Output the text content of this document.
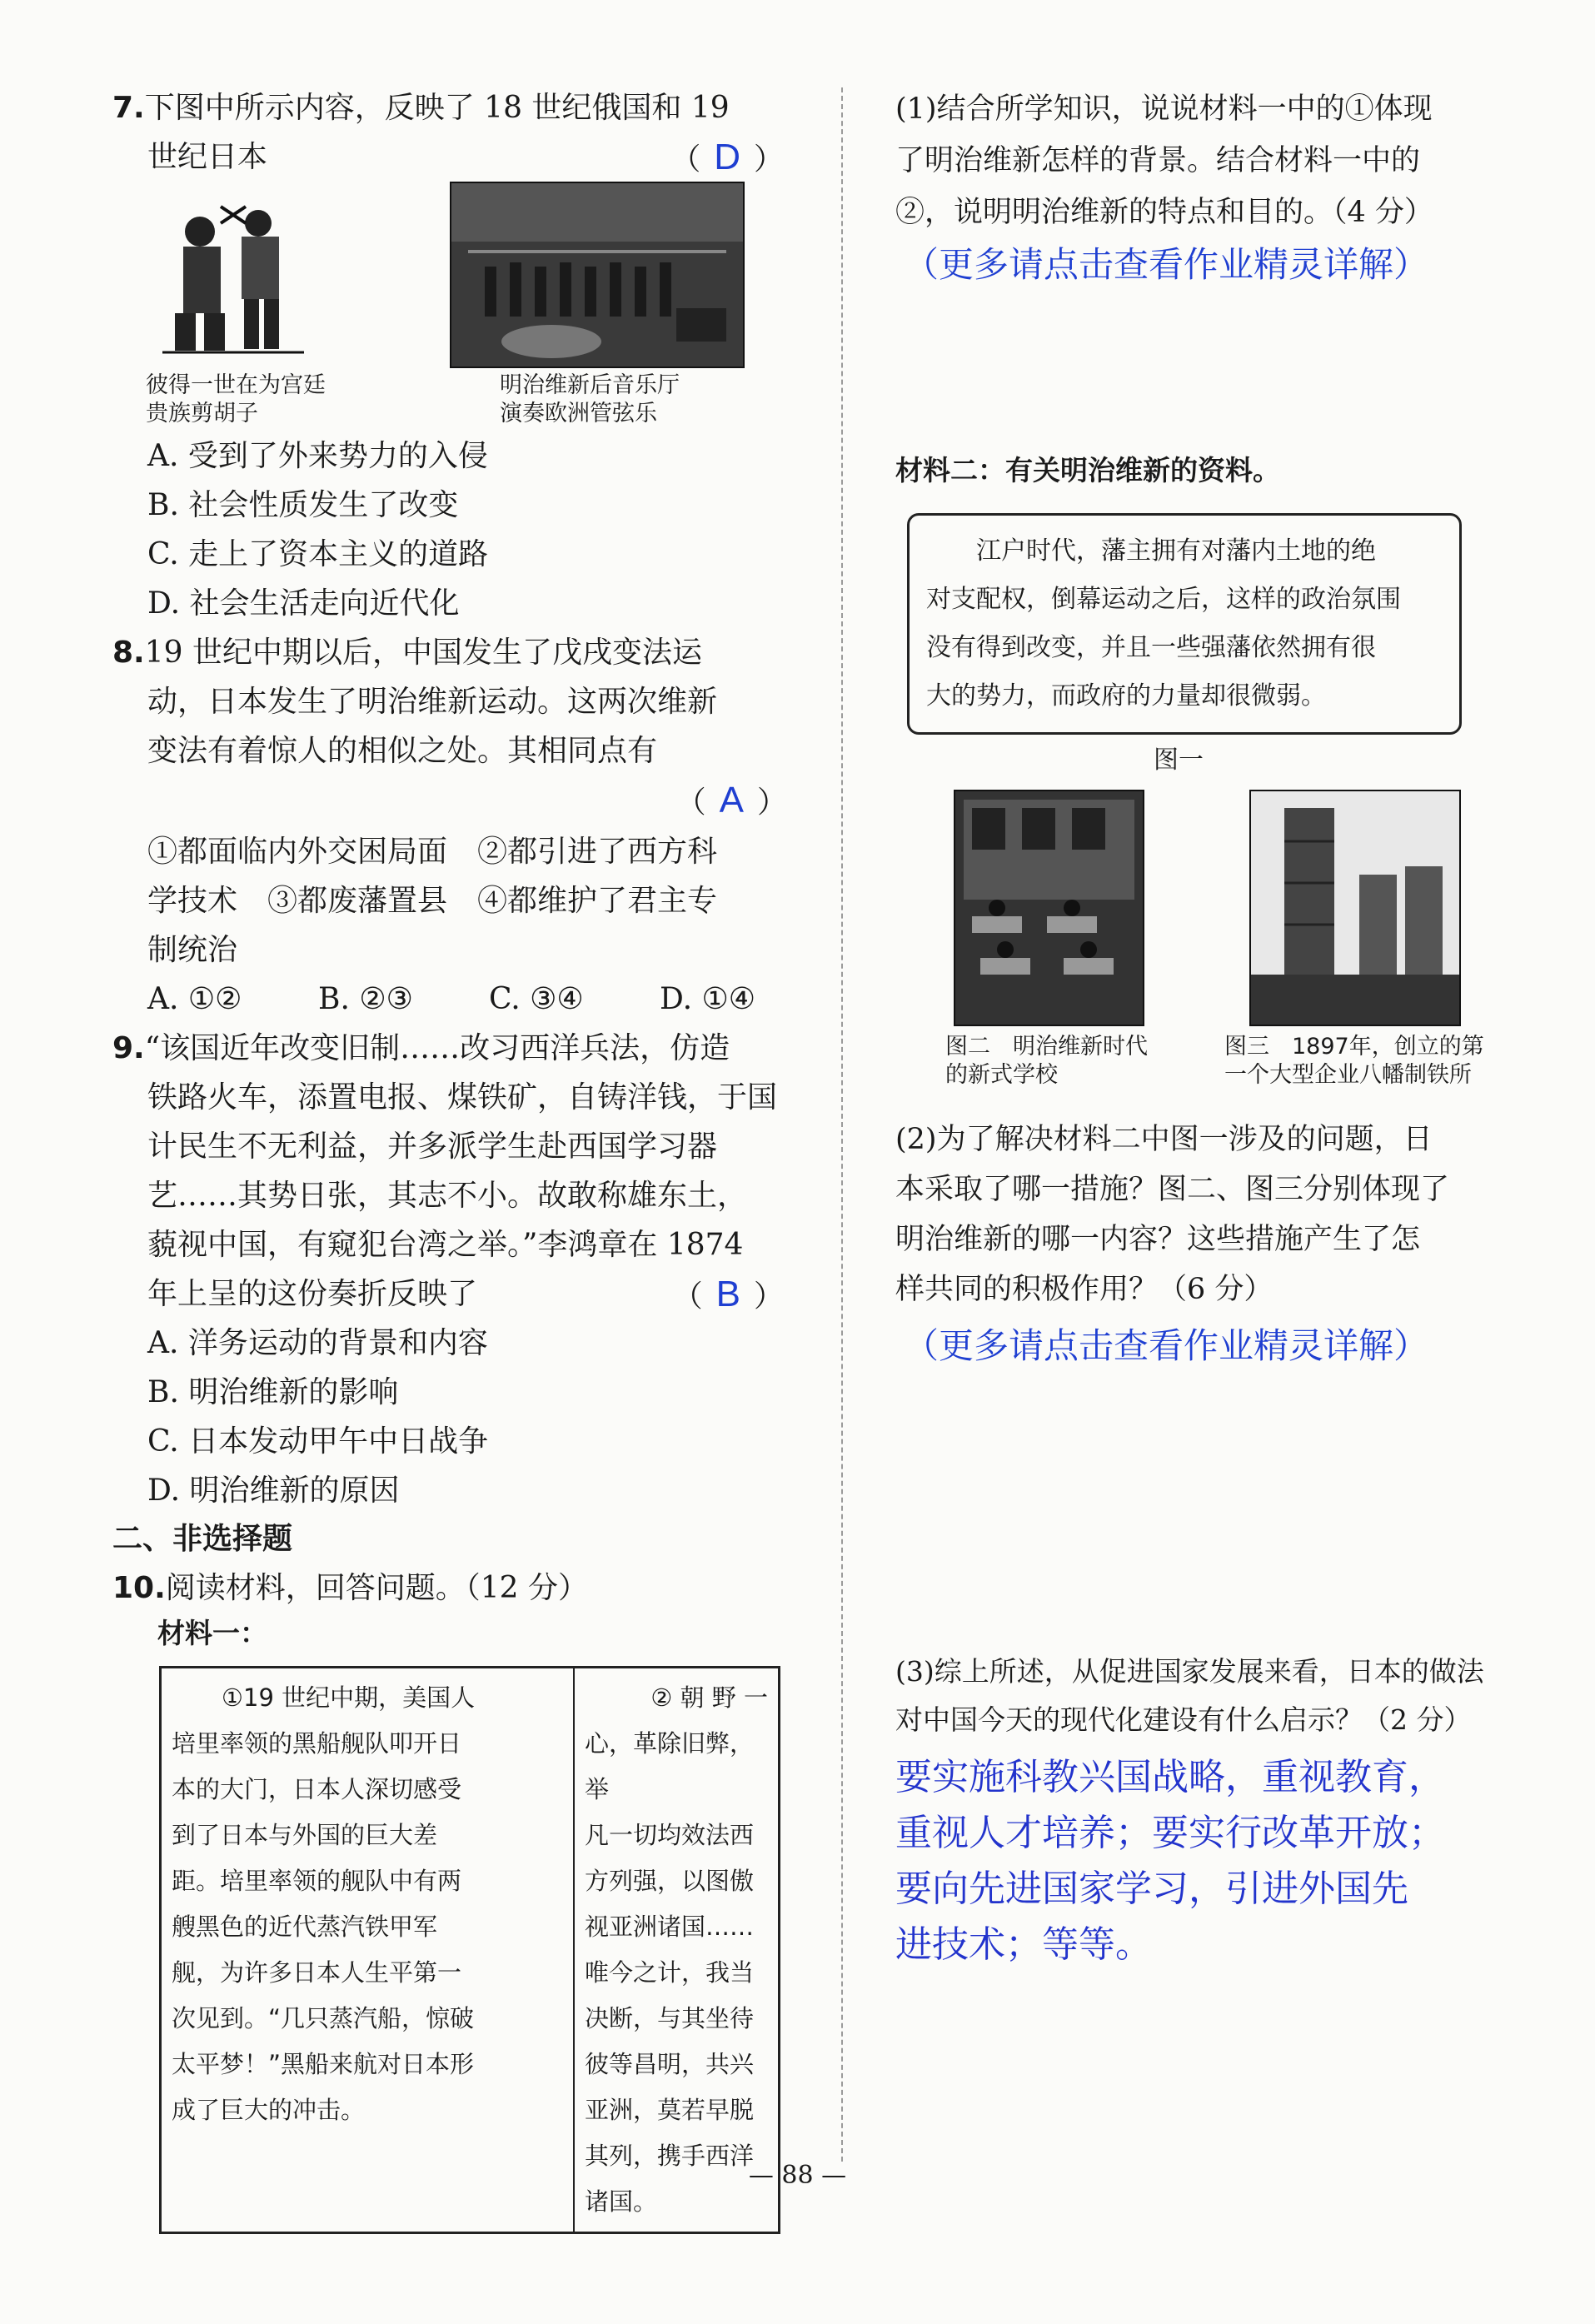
7.下图中所示内容，反映了 18 世纪俄国和 19
世纪日本	（ D ）
彼得一世在为宫廷
贵族剪胡子
明治维新后音乐厅
演奏欧洲管弦乐
A. 受到了外来势力的入侵
B. 社会性质发生了改变
C. 走上了资本主义的道路
D. 社会生活走向近代化
8.19 世纪中期以后，中国发生了戊戌变法运
动，日本发生了明治维新运动。这两次维新
变法有着惊人的相似之处。其相同点有
（ A ）
①都面临内外交困局面　②都引进了西方科
学技术　③都废藩置县　④都维护了君主专
制统治
A. ①②	B. ②③	C. ③④	D. ①④
9.“该国近年改变旧制……改习西洋兵法，仿造
铁路火车，添置电报、煤铁矿，自铸洋钱，于国
计民生不无利益，并多派学生赴西国学习器
艺……其势日张，其志不小。故敢称雄东土，
藐视中国，有窥犯台湾之举。”李鸿章在 1874
年上呈的这份奏折反映了	（ B ）
A. 洋务运动的背景和内容
B. 明治维新的影响
C. 日本发动甲午中日战争
D. 明治维新的原因
二、非选择题
10.阅读材料，回答问题。（12 分）
材料一：
①19 世纪中期，美国人
培里率领的黑船舰队叩开日
本的大门，日本人深切感受
到了日本与外国的巨大差
距。培里率领的舰队中有两
艘黑色的近代蒸汽铁甲军
舰，为许多日本人生平第一
次见到。“几只蒸汽船，惊破
太平梦！”黑船来航对日本形
成了巨大的冲击。

② 朝 野 一
心，革除旧弊，举
凡一切均效法西
方列强，以图傲
视亚洲诸国……
唯今之计，我当
决断，与其坐待
彼等昌明，共兴
亚洲，莫若早脱
其列，携手西洋
诸国。
(1)结合所学知识，说说材料一中的①体现
了明治维新怎样的背景。结合材料一中的
②，说明明治维新的特点和目的。（4 分）
（更多请点击查看作业精灵详解）
材料二：有关明治维新的资料。
　　江户时代，藩主拥有对藩内土地的绝
对支配权，倒幕运动之后，这样的政治氛围
没有得到改变，并且一些强藩依然拥有很
大的势力，而政府的力量却很微弱。
图一
图二　明治维新时代
的新式学校
图三　1897年，创立的第
一个大型企业八幡制铁所
(2)为了解决材料二中图一涉及的问题，日
本采取了哪一措施？图二、图三分别体现了
明治维新的哪一内容？这些措施产生了怎
样共同的积极作用？（6 分）
（更多请点击查看作业精灵详解）
(3)综上所述，从促进国家发展来看，日本的做法
对中国今天的现代化建设有什么启示？（2 分）
要实施科教兴国战略，重视教育，
重视人才培养；要实行改革开放；
要向先进国家学习，引进外国先
进技术；等等。
— 88 —
